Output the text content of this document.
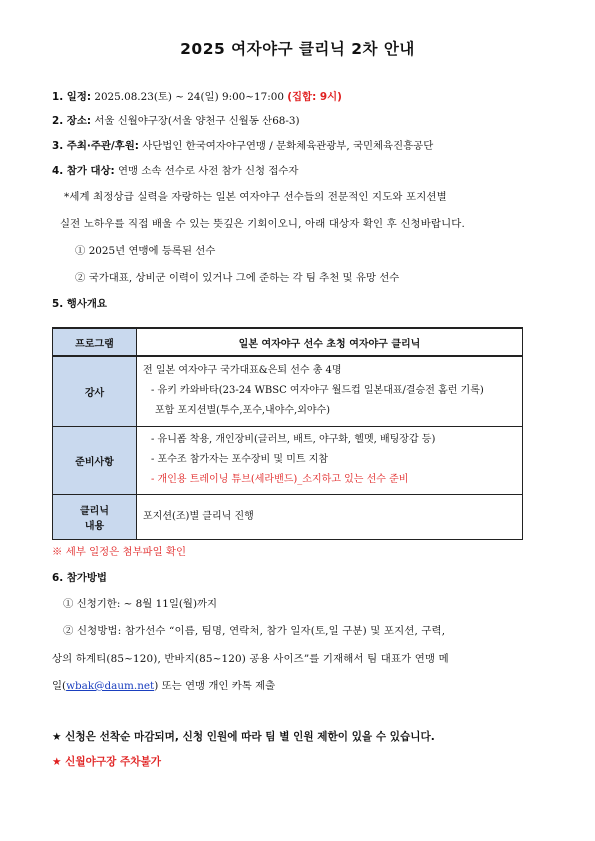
2025 여자야구 클리닉 2차 안내
1. 일정: 2025.08.23(토) ~ 24(일) 9:00~17:00 (집합: 9시)
2. 장소: 서울 신월야구장(서울 양천구 신월동 산68-3)
3. 주최·주관/후원: 사단법인 한국여자야구연맹 / 문화체육관광부, 국민체육진흥공단
4. 참가 대상: 연맹 소속 선수로 사전 참가 신청 접수자
*세계 최정상급 실력을 자랑하는 일본 여자야구 선수들의 전문적인 지도와 포지션별
실전 노하우를 직접 배울 수 있는 뜻깊은 기회이오니, 아래 대상자 확인 후 신청바랍니다.
① 2025년 연맹에 등록된 선수
② 국가대표, 상비군 이력이 있거나 그에 준하는 각 팀 추천 및 유망 선수
5. 행사개요
프로그램	일본 여자야구 선수 초청 여자야구 클리닉
강사	전 일본 여자야구 국가대표&은퇴 선수 총 4명

- 유키 카와바타(23-24 WBSC 여자야구 월드컵 일본대표/결승전 홈런 기록)

포함 포지션별(투수,포수,내야수,외야수)

준비사항	- 유니폼 착용, 개인장비(글러브, 배트, 야구화, 헬멧, 배팅장갑 등)

- 포수조 참가자는 포수장비 및 미트 지참

- 개인용 트레이닝 튜브(세라밴드)_소지하고 있는 선수 준비

클리닉
내용	포지션(조)별 클리닉 진행

※ 세부 일정은 첨부파일 확인
6. 참가방법
① 신청기한: ~ 8월 11일(월)까지
② 신청방법: 참가선수 “이름, 팀명, 연락처, 참가 일자(토,일 구분) 및 포지션, 구력,
상의 하계티(85~120), 반바지(85~120) 공용 사이즈”를 기재해서 팀 대표가 연맹 메
일(wbak@daum.net) 또는 연맹 개인 카톡 제출
★ 신청은 선착순 마감되며, 신청 인원에 따라 팀 별 인원 제한이 있을 수 있습니다.
★ 신월야구장 주차불가
